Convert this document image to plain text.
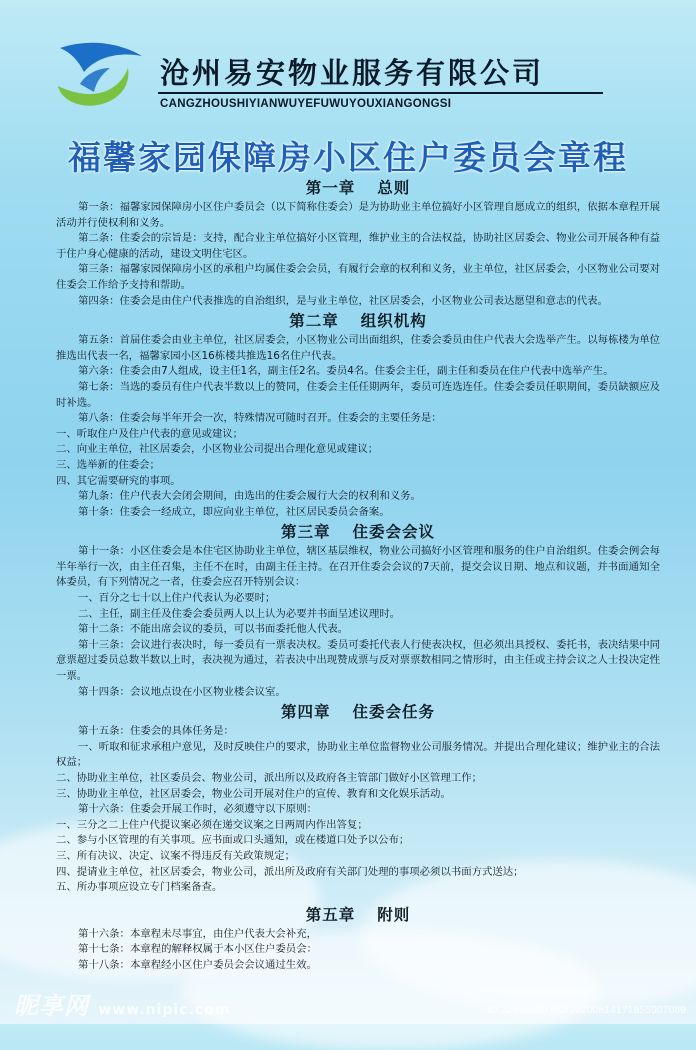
沧州易安物业服务有限公司
CANGZHOUSHIYIANWUYEFUWUYOUXIANGONGSI
福馨家园保障房小区住户委员会章程
第一章 总则

第一条：福馨家园保障房小区住户委员会（以下简称住委会）是为协助业主单位搞好小区管理自愿成立的组织，依据本章程开展活动并行使权利和义务。

第二条：住委会的宗旨是：支持，配合业主单位搞好小区管理，维护业主的合法权益，协助社区居委会、物业公司开展各种有益于住户身心健康的活动，建设文明住宅区。

第三条：福馨家园保障房小区的承租户均属住委会会员，有履行会章的权利和义务，业主单位，社区居委会，小区物业公司要对住委会工作给予支持和帮助。

第四条：住委会是由住户代表推选的自治组织，是与业主单位，社区居委会，小区物业公司表达愿望和意志的代表。

第二章 组织机构

第五条：首届住委会由业主单位，社区居委会，小区物业公司出面组织，住委会委员由住户代表大会选举产生。以每栋楼为单位推选出代表一名，福馨家园小区16栋楼共推选16名住户代表。

第六条：住委会由7人组成，设主任1名，副主任2名。委员4名。住委会主任，副主任和委员在住户代表中选举产生。

第七条：当选的委员有住户代表半数以上的赞同，住委会主任任期两年，委员可连选连任。住委会委员任职期间，委员缺额应及时补选。

第八条：住委会每半年开会一次，特殊情况可随时召开。住委会的主要任务是：

一、听取住户及住户代表的意见或建议；

二、向业主单位，社区居委会，小区物业公司提出合理化意见或建议；

三、选举新的住委会；

四、其它需要研究的事项。

第九条：住户代表大会闭会期间，由选出的住委会履行大会的权利和义务。

第十条：住委会一经成立，即应向业主单位，社区居民委员会备案。

第三章 住委会会议

第十一条：小区住委会是本住宅区协助业主单位，辖区基层维权，物业公司搞好小区管理和服务的住户自治组织。住委会例会每半年举行一次，由主任召集，主任不在时，由副主任主持。在召开住委会会议的7天前，提交会议日期、地点和议题，并书面通知全体委员，有下列情况之一者，住委会应召开特别会议：

一、百分之七十以上住户代表认为必要时；

二、主任，副主任及住委会委员两人以上认为必要并书面呈述议理时。

第十二条：不能出席会议的委员，可以书面委托他人代表。

第十三条：会议进行表决时，每一委员有一票表决权。委员可委托代表人行使表决权，但必须出具授权、委托书，表决结果中同意票超过委员总数半数以上时，表决视为通过，若表决中出现赞成票与反对票票数相同之情形时，由主任或主持会议之人士投决定性一票。

第十四条：会议地点设在小区物业楼会议室。

第四章 住委会任务

第十五条：住委会的具体任务是：

一、听取和征求承租户意见，及时反映住户的要求，协助业主单位监督物业公司服务情况。并提出合理化建议；维护业主的合法权益；

二、协助业主单位，社区委员会、物业公司，派出所以及政府各主管部门做好小区管理工作；

三、协助业主单位，社区居委会，物业公司开展对住户的宣传、教育和文化娱乐活动。

第十六条：住委会开展工作时，必须遵守以下原则：

一、三分之二上住户代提议案必须在递交议案之日两周内作出答复；

二、参与小区管理的有关事项。应书面或口头通知，或在楼道口处予以公布；

三、所有决议、决定、议案不得违反有关政策规定；

四、提请业主单位，社区居委会，物业公司，派出所及政府有关部门处理的事项必须以书面方式送达；

五、所办事项应设立专门档案备查。

第五章 附则

第十六条：本章程未尽事宜，由住户代表大会补充，

第十七条：本章程的解释权属于本小区住户委员会：

第十八条：本章程经小区住户委员会会议通过生效。

昵享网 www.nipic.com	ID:22496600 NO:20200814171855907089
